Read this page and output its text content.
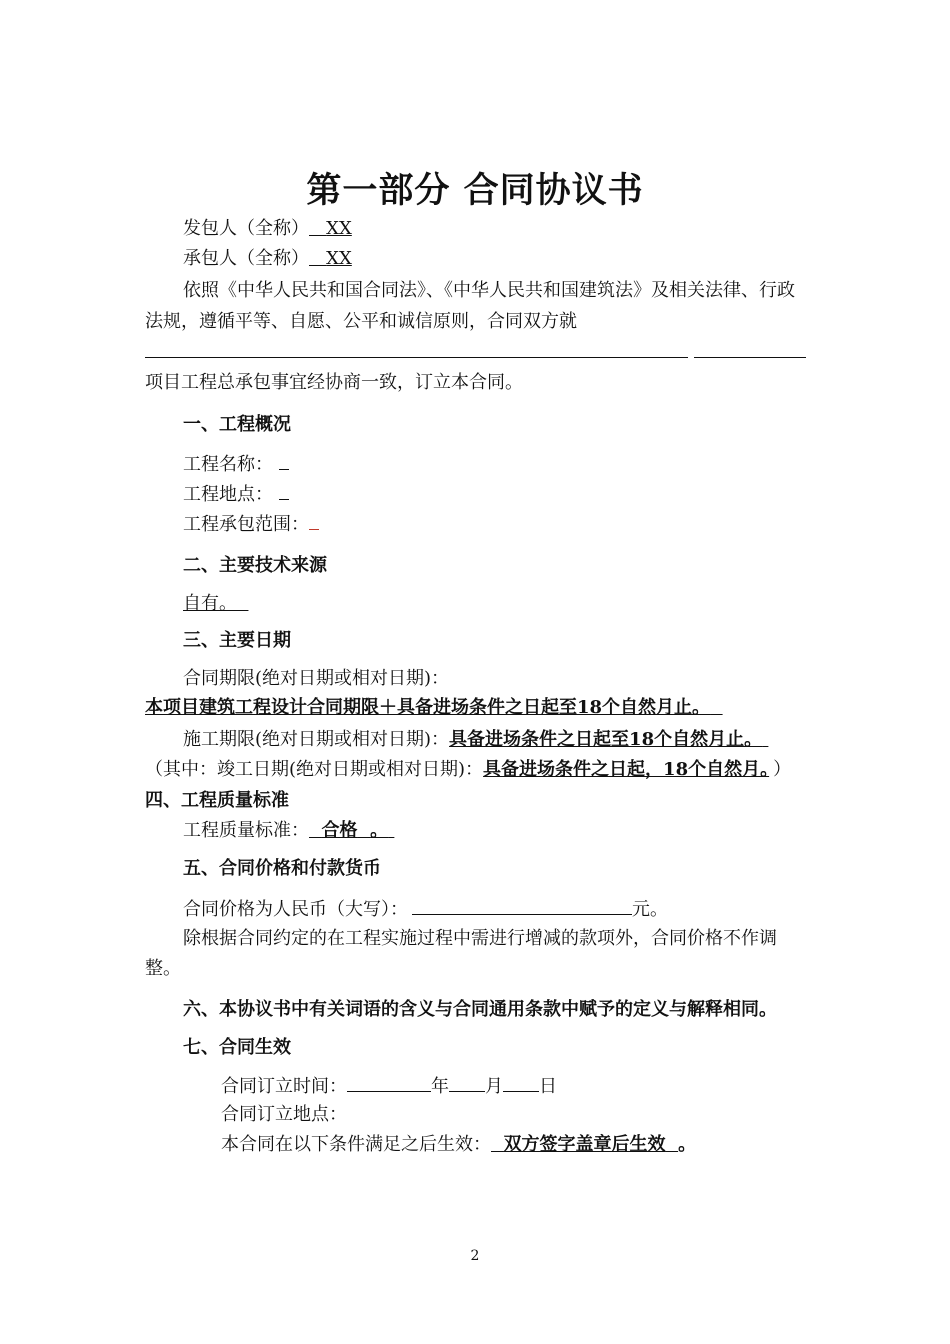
第一部分 合同协议书
发包人（全称） XX
承包人（全称） XX
依照《中华人民共和国合同法》、《中华人民共和国建筑法》及相关法律、行政
法规，遵循平等、自愿、公平和诚信原则，合同双方就
项目工程总承包事宜经协商一致，订立本合同。
一、工程概况
工程名称：
工程地点：
工程承包范围：
二、主要技术来源
自有。
三、主要日期
合同期限(绝对日期或相对日期)：
本项目建筑工程设计合同期限＋具备进场条件之日起至18个自然月止。
施工期限(绝对日期或相对日期)：具备进场条件之日起至18个自然月止。
（其中：竣工日期(绝对日期或相对日期)：具备进场条件之日起，18个自然月。 ）
四、工程质量标准
工程质量标准： 合格 。
五、合同价格和付款货币
合同价格为人民币（大写）：	元。
除根据合同约定的在工程实施过程中需进行增减的款项外，合同价格不作调
整。
六、本协议书中有关词语的含义与合同通用条款中赋予的定义与解释相同。
七、合同生效
合同订立时间：	年 月 日
合同订立地点：
本合同在以下条件满足之后生效： 双方签字盖章后生效 。
2
